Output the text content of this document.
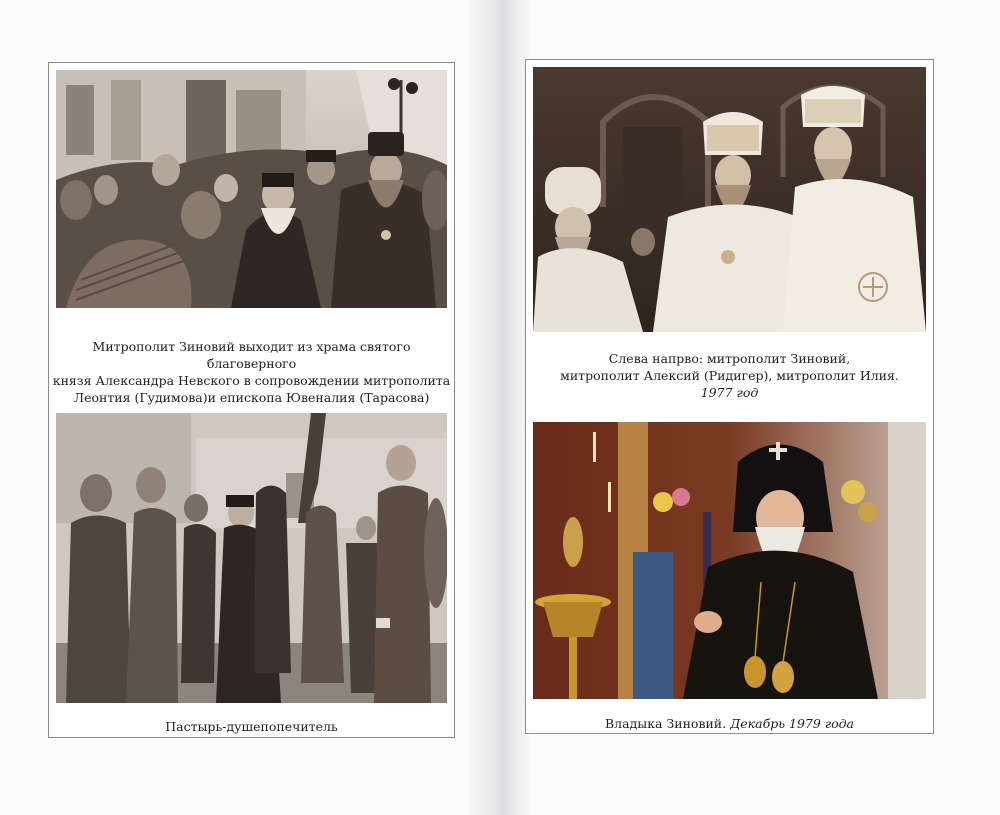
Митрополит Зиновий выходит из храма святого благоверного
князя Александра Невского в сопровождении митрополита
Леонтия (Гудимова)и епископа Ювеналия (Тарасова)
Пастырь-душепопечитель
Слева напрво: митрополит Зиновий,
митрополит Алексий (Ридигер), митрополит Илия.
1977 год
Владыка Зиновий. Декабрь 1979 года
